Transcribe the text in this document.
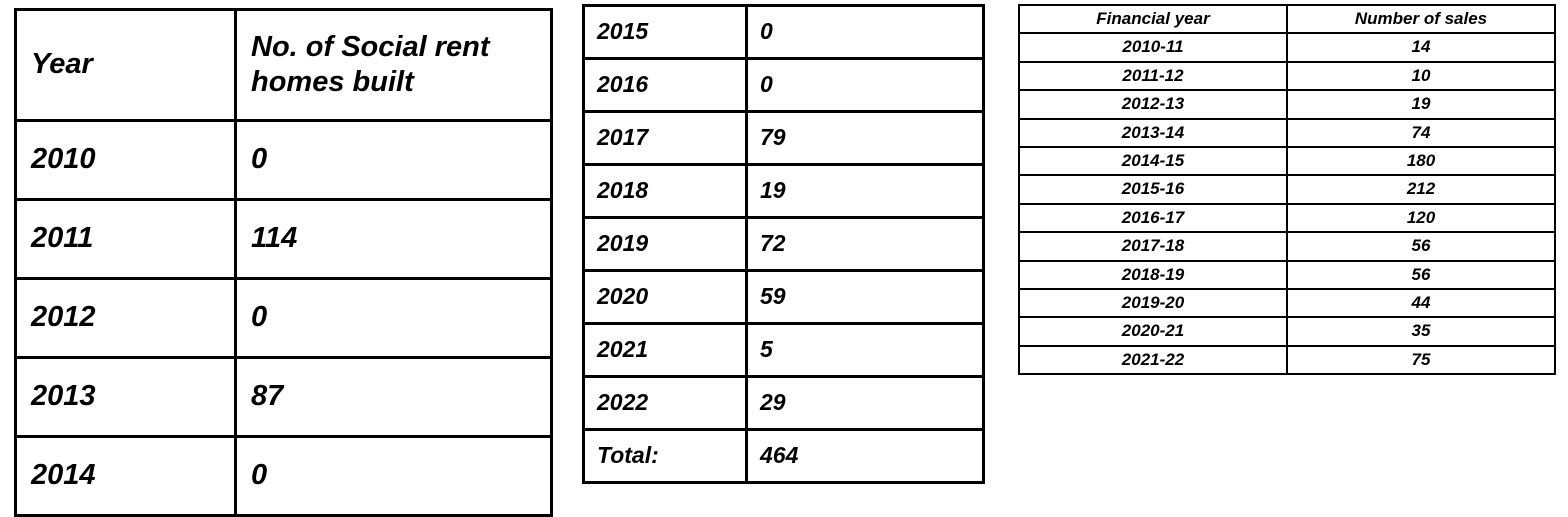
Year	No. of Social rent homes built
2010	0
2011	114
2012	0
2013	87
2014	0
2015	0
2016	0
2017	79
2018	19
2019	72
2020	59
2021	5
2022	29
Total:	464
Financial year	Number of sales
2010-11	14
2011-12	10
2012-13	19
2013-14	74
2014-15	180
2015-16	212
2016-17	120
2017-18	56
2018-19	56
2019-20	44
2020-21	35
2021-22	75
